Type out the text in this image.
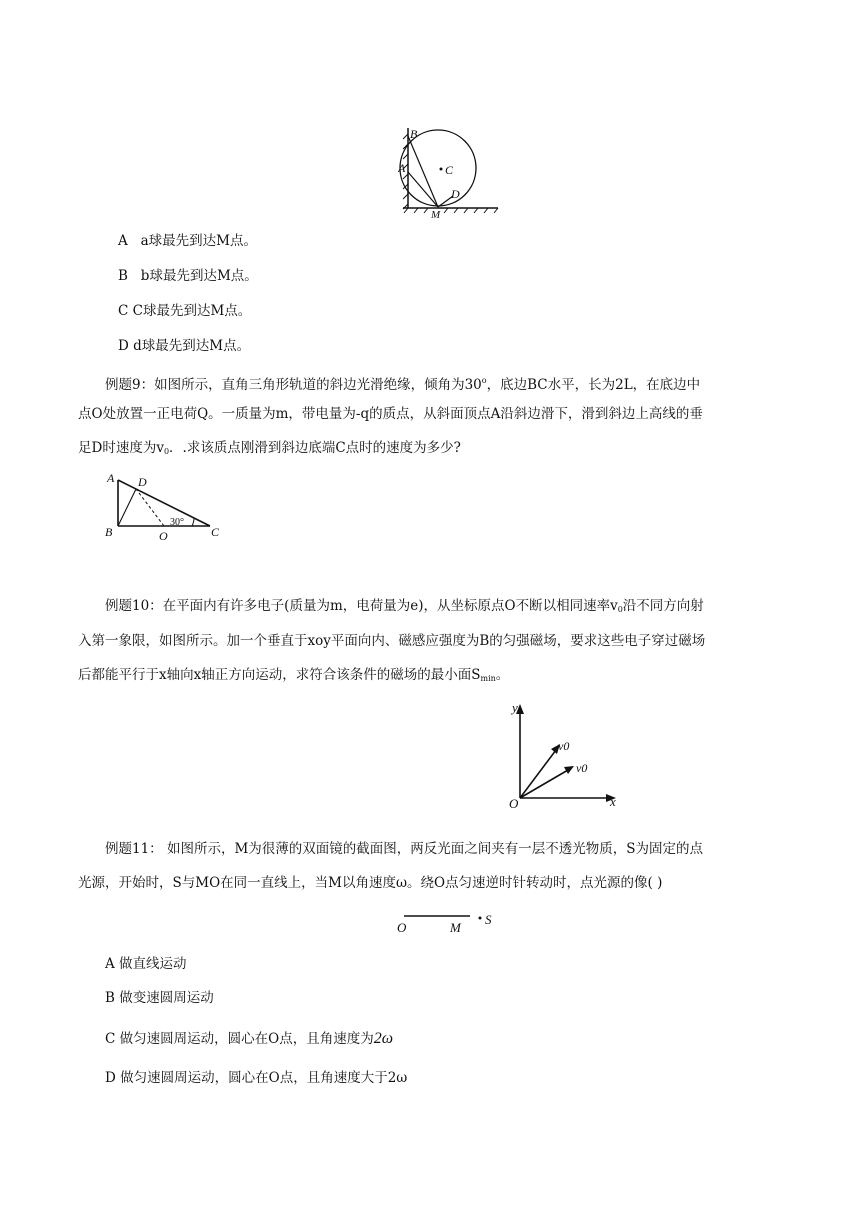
B
A	C
D
M
A a球最先到达M点。
B b球最先到达M点。
C C球最先到达M点。
D d球最先到达M点。
例题9：如图所示，直角三角形轨道的斜边光滑绝缘，倾角为30$^o$，底边BC水平，长为2L，在底边中
点O处放置一正电荷Q。一质量为m，带电量为-q的质点，从斜面顶点A沿斜边滑下，滑到斜边上高线的垂
足D时速度为$v_0$．.求该质点刚滑到斜边底端C点时的速度为多少?
A D
B	O	C
30°
例题10：在平面内有许多电子(质量为m，电荷量为e)，从坐标原点O不断以相同速率$v_0$沿不同方向射
入第一象限，如图所示。加一个垂直于xoy平面向内、磁感应强度为B的匀强磁场，要求这些电子穿过磁场
后都能平行于x轴向x轴正方向运动，求符合该条件的磁场的最小面$S_{min}$。
y
x
O
v0
v0
例题11： 如图所示，M为很薄的双面镜的截面图，两反光面之间夹有一层不透光物质，S为固定的点
光源，开始时，S与MO在同一直线上，当M以角速度ω。绕O点匀速逆时针转动时，点光源的像( )
O	M
S
A 做直线运动
B 做变速圆周运动
C 做匀速圆周运动，圆心在O点，且角速度为2ω
D 做匀速圆周运动，圆心在O点，且角速度大于2ω
